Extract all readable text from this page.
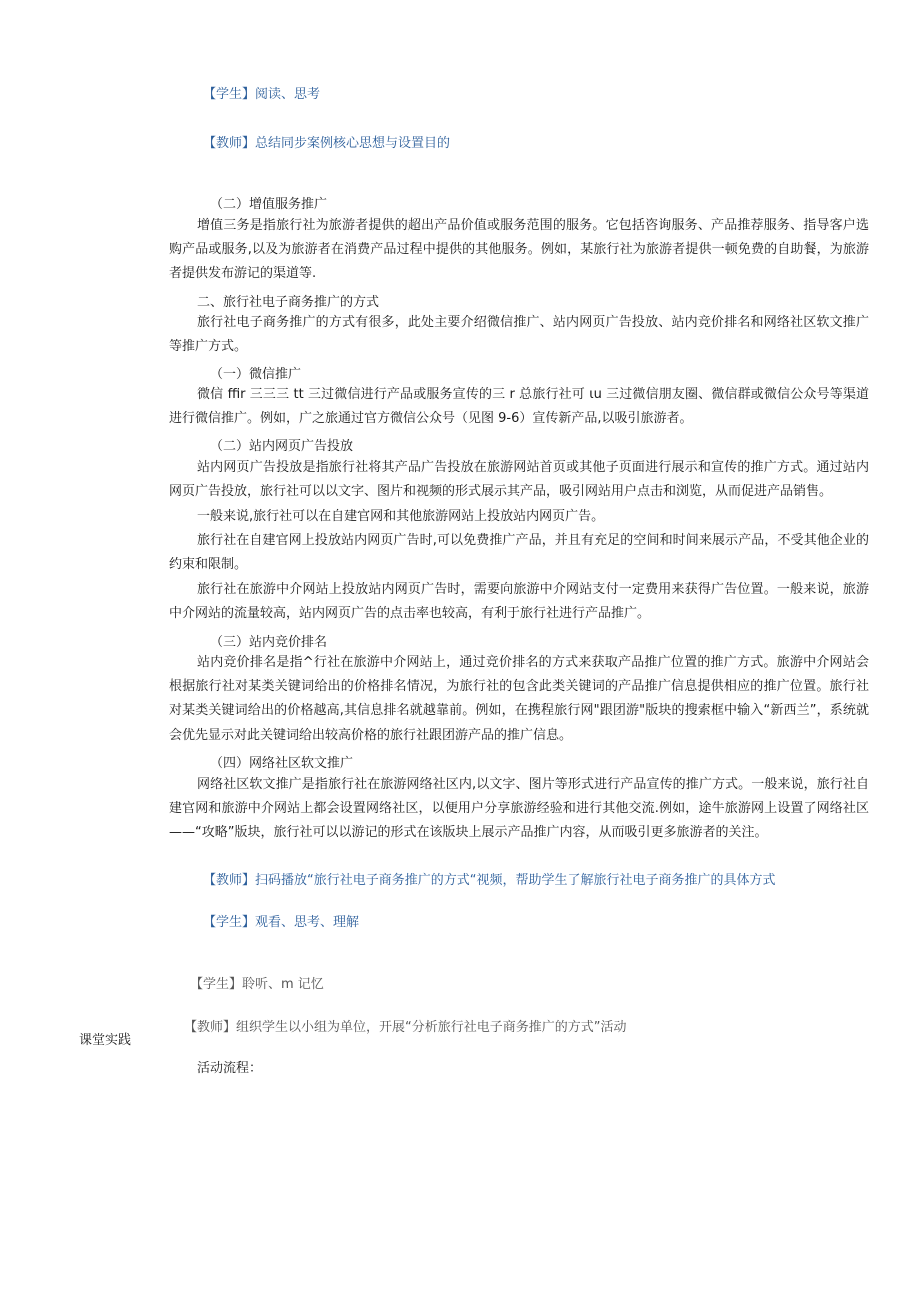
【学生】阅读、思考
【教师】总结同步案例核心思想与设置目的
（二）增值服务推广

增值三务是指旅行社为旅游者提供的超出产品价值或服务范围的服务。它包括咨询服务、产品推荐服务、指导客户选购产品或服务,以及为旅游者在消费产品过程中提供的其他服务。例如，某旅行社为旅游者提供一顿免费的自助餐，为旅游者提供发布游记的渠道等.

二、旅行社电子商务推广的方式

旅行社电子商务推广的方式有很多，此处主要介绍微信推广、站内网页广告投放、站内竞价排名和网络社区软文推广等推广方式。

（一）微信推广

微信 ffir 三三三 tt 三过微信进行产品或服务宣传的三 r 总旅行社可 ιu 三过微信朋友圈、微信群或微信公众号等渠道进行微信推广。例如，广之旅通过官方微信公众号（见图 9-6）宣传新产品,以吸引旅游者。

（二）站内网页广告投放

站内网页广告投放是指旅行社将其产品广告投放在旅游网站首页或其他子页面进行展示和宣传的推广方式。通过站内网页广告投放，旅行社可以以文字、图片和视频的形式展示其产品，吸引网站用户点击和浏览，从而促进产品销售。

一般来说,旅行社可以在自建官网和其他旅游网站上投放站内网页广告。

旅行社在自建官网上投放站内网页广告时,可以免费推广产品，并且有充足的空间和时间来展示产品，不受其他企业的约束和限制。

旅行社在旅游中介网站上投放站内网页广告时，需要向旅游中介网站支付一定费用来获得广告位置。一般来说，旅游中介网站的流量较高，站内网页广告的点击率也较高，有利于旅行社进行产品推广。

（三）站内竞价排名

站内竞价排名是指^行社在旅游中介网站上，通过竞价排名的方式来获取产品推广位置的推广方式。旅游中介网站会根据旅行社对某类关键词给出的价格排名情况，为旅行社的包含此类关键词的产品推广信息提供相应的推广位置。旅行社对某类关键词给出的价格越高,其信息排名就越靠前。例如，在携程旅行网"跟团游"版块的搜索框中输入“新西兰”，系统就会优先显示对此关键词给出较高价格的旅行社跟团游产品的推广信息。

（四）网络社区软文推广

网络社区软文推广是指旅行社在旅游网络社区内,以文字、图片等形式进行产品宣传的推广方式。一般来说，旅行社自建官网和旅游中介网站上都会设置网络社区，以便用户分享旅游经验和进行其他交流.例如，途牛旅游网上设置了网络社区——“攻略”版块，旅行社可以以游记的形式在该版块上展示产品推广内容，从而吸引更多旅游者的关注。

【教师】扫码播放“旅行社电子商务推广的方式“视频，帮助学生了解旅行社电子商务推广的具体方式
【学生】观看、思考、理解
【学生】聆听、m 记忆
课堂实践
【教师】组织学生以小组为单位，开展“分析旅行社电子商务推广的方式”活动
活动流程：
